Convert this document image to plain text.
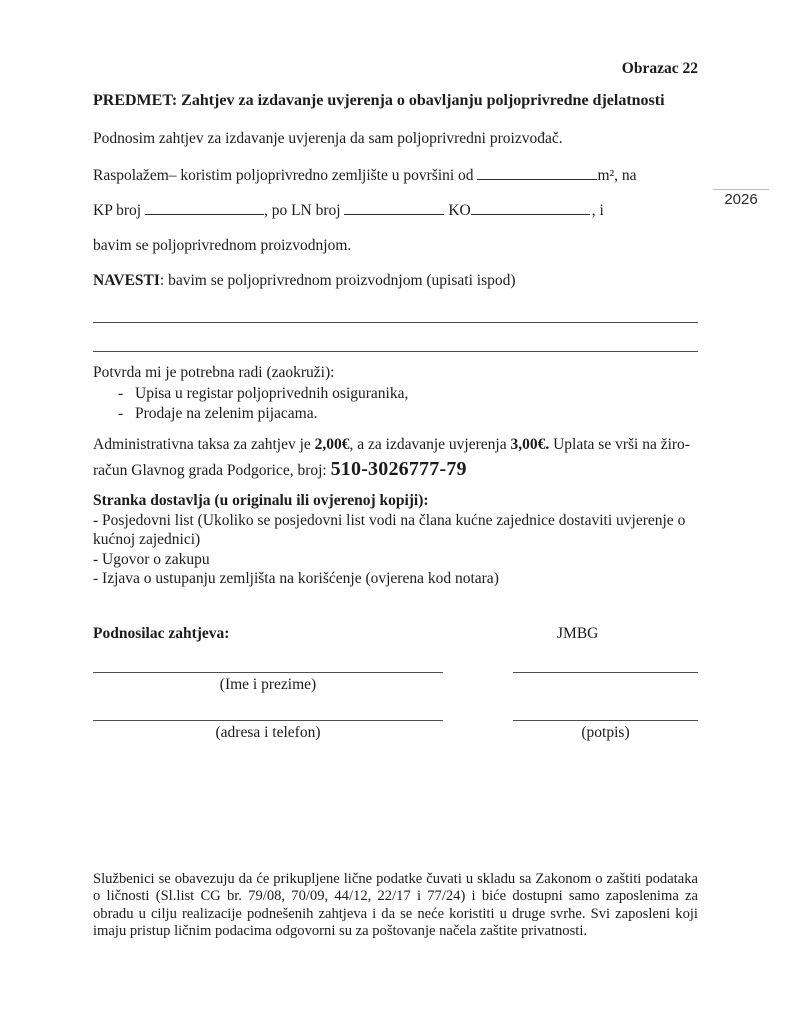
Obrazac 22
PREDMET: Zahtjev za izdavanje uvjerenja o obavljanju poljoprivredne djelatnosti
Podnosim zahtjev za izdavanje uvjerenja da sam poljoprivredni proizvođač.
Raspolažem– koristim poljoprivredno zemljište u površini od	m², na
KP broj	, po LN broj	KO	, i
bavim se poljoprivrednom proizvodnjom.
NAVESTI: bavim se poljoprivrednom proizvodnjom (upisati ispod)
Potvrda mi je potrebna radi (zaokruži):
- Upisa u registar poljoprivednih osiguranika,
- Prodaje na zelenim pijacama.
Administrativna taksa za zahtjev je 2,00€, a za izdavanje uvjerenja 3,00€. Uplata se vrši na žiro-račun Glavnog grada Podgorice, broj: 510-3026777-79
Stranka dostavlja (u originalu ili ovjerenoj kopiji):
- Posjedovni list (Ukoliko se posjedovni list vodi na člana kućne zajednice dostaviti uvjerenje o kućnoj zajednici)
- Ugovor o zakupu
- Izjava o ustupanju zemljišta na korišćenje (ovjerena kod notara)
Podnosilac zahtjeva:	JMBG
(Ime i prezime)
(adresa i telefon)	(potpis)
Službenici se obavezuju da će prikupljene lične podatke čuvati u skladu sa Zakonom o zaštiti podataka o ličnosti (Sl.list CG br. 79/08, 70/09, 44/12, 22/17 i 77/24) i biće dostupni samo zaposlenima za obradu u cilju realizacije podnešenih zahtjeva i da se neće koristiti u druge svrhe. Svi zaposleni koji imaju pristup ličnim podacima odgovorni su za poštovanje načela zaštite privatnosti.
2026
